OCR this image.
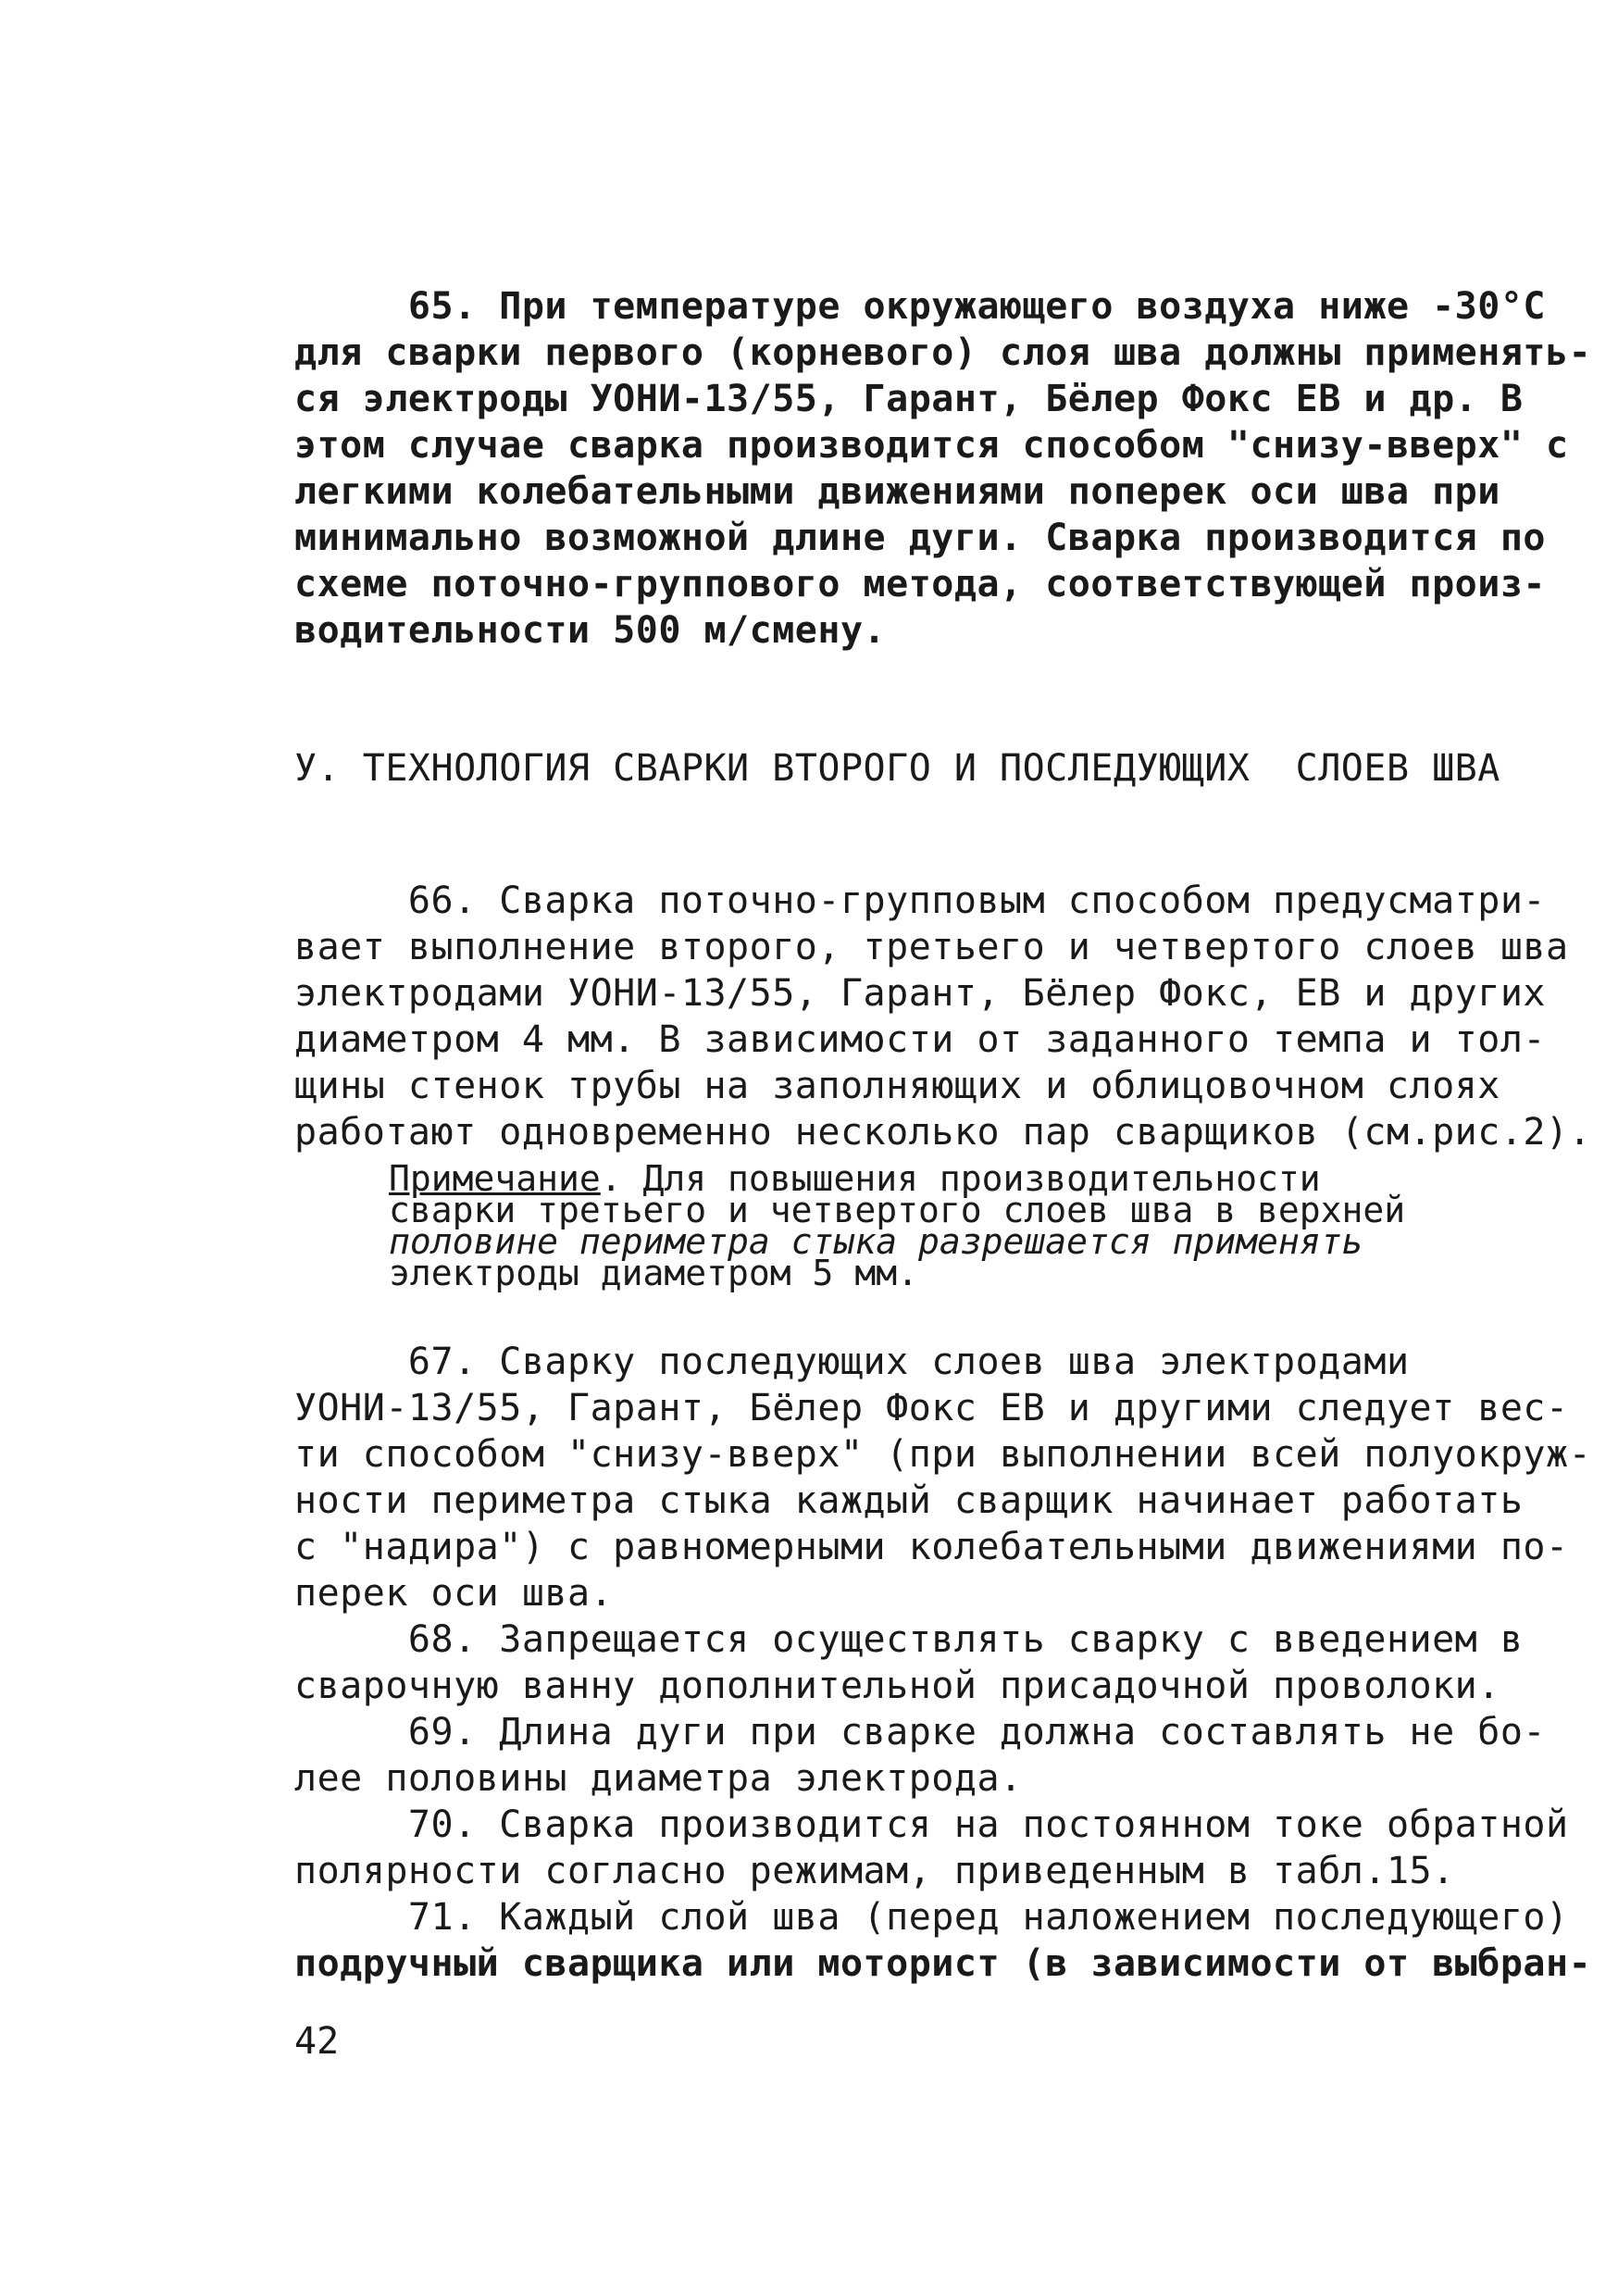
65. При температуре окружающего воздуха ниже -30°С
для сварки первого (корневого) слоя шва должны применять-
ся электроды УОНИ-13/55, Гарант, Бёлер Фокс ЕВ и др. В
этом случае сварка производится способом "снизу-вверх" с
легкими колебательными движениями поперек оси шва при
минимально возможной длине дуги. Сварка производится по
схеме поточно-группового метода, соответствующей произ-
водительности 500 м/смену.
У. ТЕХНОЛОГИЯ СВАРКИ ВТОРОГО И ПОСЛЕДУЮЩИХ  СЛОЕВ ШВА
66. Сварка поточно-групповым способом предусматри-
вает выполнение второго, третьего и четвертого слоев шва
электродами УОНИ-13/55, Гарант, Бёлер Фокс, ЕВ и других
диаметром 4 мм. В зависимости от заданного темпа и тол-
щины стенок трубы на заполняющих и облицовочном слоях
работают одновременно несколько пар сварщиков (см.рис.2).
Примечание. Для повышения производительности
сварки третьего и четвертого слоев шва в верхней
половине периметра стыка разрешается применять
электроды диаметром 5 мм.
67. Сварку последующих слоев шва электродами
УОНИ-13/55, Гарант, Бёлер Фокс ЕВ и другими следует вес-
ти способом "снизу-вверх" (при выполнении всей полуокруж-
ности периметра стыка каждый сварщик начинает работать
с "надира") с равномерными колебательными движениями по-
перек оси шва.
68. Запрещается осуществлять сварку с введением в
сварочную ванну дополнительной присадочной проволоки.
69. Длина дуги при сварке должна составлять не бо-
лее половины диаметра электрода.
70. Сварка производится на постоянном токе обратной
полярности согласно режимам, приведенным в табл.15.
71. Каждый слой шва (перед наложением последующего)
подручный сварщика или моторист (в зависимости от выбран-
42
